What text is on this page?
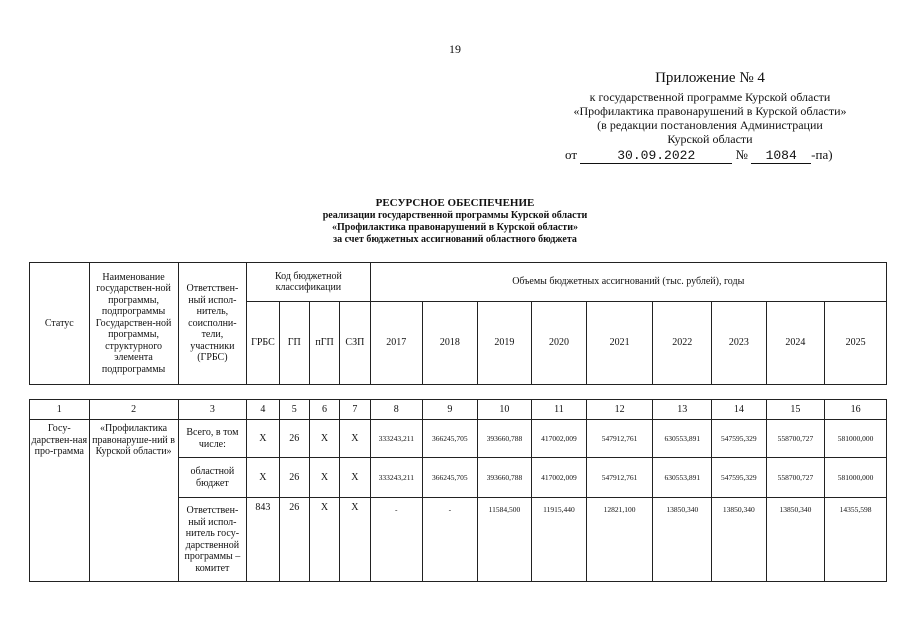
19
Приложение № 4
к государственной программе Курской области
«Профилактика правонарушений в Курской области»
(в редакции постановления Администрации
Курской области
от	30.09.2022	№ 1084 -па)
РЕСУРСНОЕ ОБЕСПЕЧЕНИЕ
реализации государственной программы Курской области
«Профилактика правонарушений в Курской области»
за счет бюджетных ассигнований областного бюджета
Статус	Наименование государствен-ной программы, подпрограммы Государствен-ной программы, структурного элемента подпрограммы	Ответствен-ный испол-нитель, соисполни-тели, участники (ГРБС)	Код бюджетной классификации				Объемы бюджетных ассигнований (тыс. рублей), годы								
			ГРБС	ГП	пГП	СЗП	2017	2018	2019	2020	2021	2022	2023	2024	2025

1	2	3	4	5	6	7	8	9	10	11	12	13	14	15	16
Госу-дарствен-ная про-грамма	«Профилактика правонаруше-ний в Курской области»	Всего, в том числе:	Х	26	Х	Х	333243,211	366245,705	393660,788	417002,009	547912,761	630553,891	547595,329	558700,727	581000,000
		областной бюджет	Х	26	Х	Х	333243,211	366245,705	393660,788	417002,009	547912,761	630553,891	547595,329	558700,727	581000,000
		Ответствен-ный испол-нитель госу-дарственной программы – комитет	843	26	Х	Х	-	-	11584,500	11915,440	12821,100	13850,340	13850,340	13850,340	14355,598
